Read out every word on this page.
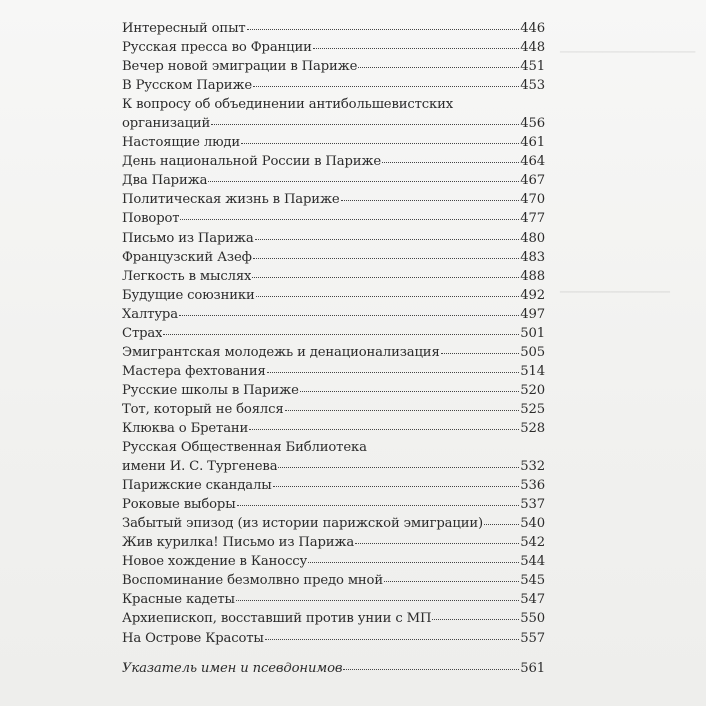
▁▁▁▁▁▁▁▁▁▁▁▁▁▁▁▁
▁▁▁▁▁▁▁▁▁▁▁▁▁
Интересный опыт	446
Русская пресса во Франции	448
Вечер новой эмиграции в Париже	451
В Русском Париже	453
К вопросу об объединении антибольшевистских
организаций	456
Настоящие люди	461
День национальной России в Париже	464
Два Парижа	467
Политическая жизнь в Париже	470
Поворот	477
Письмо из Парижа	480
Французский Азеф	483
Легкость в мыслях	488
Будущие союзники	492
Халтура	497
Страх	501
Эмигрантская молодежь и денационализация	505
Мастера фехтования	514
Русские школы в Париже	520
Тот, который не боялся	525
Клюква о Бретани	528
Русская Общественная Библиотека
имени И. С. Тургенева	532
Парижские скандалы	536
Роковые выборы	537
Забытый эпизод (из истории парижской эмиграции)	540
Жив курилка! Письмо из Парижа	542
Новое хождение в Каноссу	544
Воспоминание безмолвно предо мной	545
Красные кадеты	547
Архиепископ, восставший против унии с МП	550
На Острове Красоты	557
Указатель имен и псевдонимов	561
